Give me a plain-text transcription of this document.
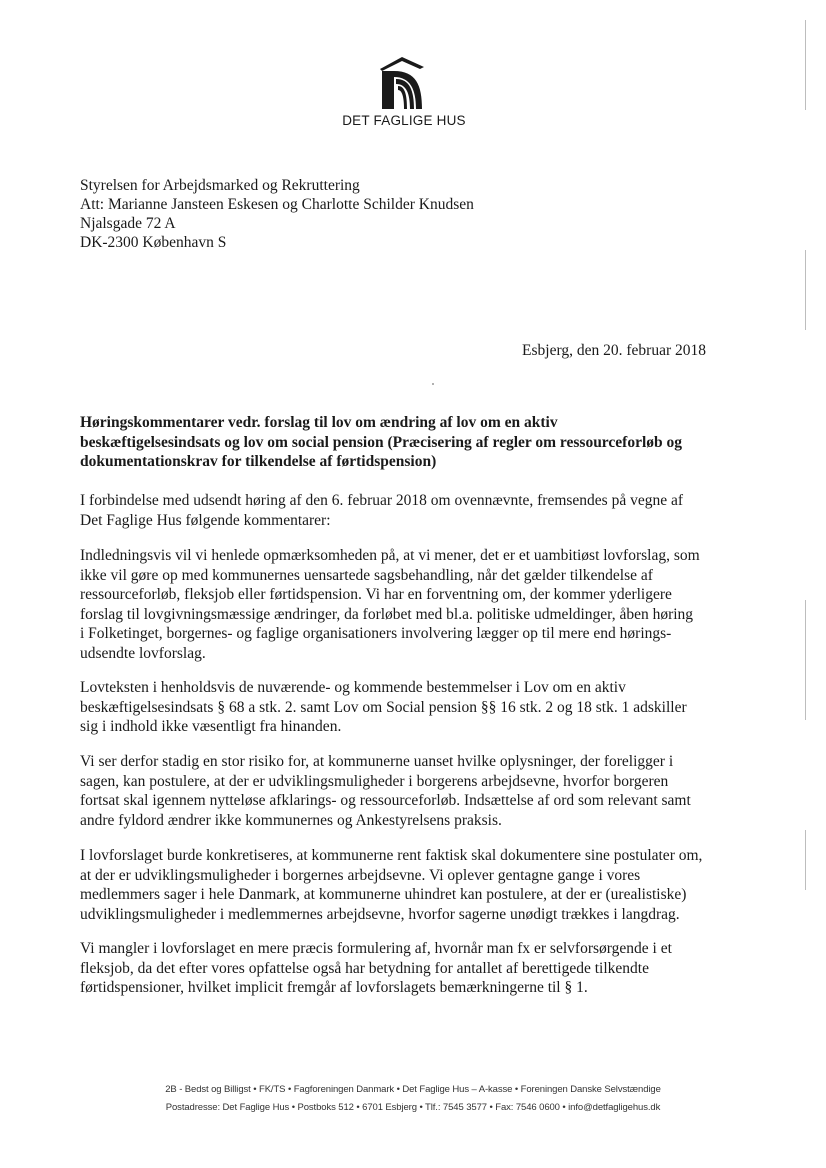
DET FAGLIGE HUS
Styrelsen for Arbejdsmarked og Rekruttering
Att: Marianne Jansteen Eskesen og Charlotte Schilder Knudsen
Njalsgade 72 A
DK-2300 København S
Esbjerg, den 20. februar 2018
Høringskommentarer vedr. forslag til lov om ændring af lov om en aktiv
beskæftigelsesindsats og lov om social pension (Præcisering af regler om ressourceforløb og
dokumentationskrav for tilkendelse af førtidspension)
I forbindelse med udsendt høring af den 6. februar 2018 om ovennævnte, fremsendes på vegne af
Det Faglige Hus følgende kommentarer:
Indledningsvis vil vi henlede opmærksomheden på, at vi mener, det er et uambitiøst lovforslag, som
ikke vil gøre op med kommunernes uensartede sagsbehandling, når det gælder tilkendelse af
ressourceforløb, fleksjob eller førtidspension. Vi har en forventning om, der kommer yderligere
forslag til lovgivningsmæssige ændringer, da forløbet med bl.a. politiske udmeldinger, åben høring
i Folketinget, borgernes- og faglige organisationers involvering lægger op til mere end hørings-
udsendte lovforslag.
Lovteksten i henholdsvis de nuværende- og kommende bestemmelser i Lov om en aktiv
beskæftigelsesindsats § 68 a stk. 2. samt Lov om Social pension §§ 16 stk. 2 og 18 stk. 1 adskiller
sig i indhold ikke væsentligt fra hinanden.
Vi ser derfor stadig en stor risiko for, at kommunerne uanset hvilke oplysninger, der foreligger i
sagen, kan postulere, at der er udviklingsmuligheder i borgerens arbejdsevne, hvorfor borgeren
fortsat skal igennem nytteløse afklarings- og ressourceforløb. Indsættelse af ord som relevant samt
andre fyldord ændrer ikke kommunernes og Ankestyrelsens praksis.
I lovforslaget burde konkretiseres, at kommunerne rent faktisk skal dokumentere sine postulater om,
at der er udviklingsmuligheder i borgernes arbejdsevne. Vi oplever gentagne gange i vores
medlemmers sager i hele Danmark, at kommunerne uhindret kan postulere, at der er (urealistiske)
udviklingsmuligheder i medlemmernes arbejdsevne, hvorfor sagerne unødigt trækkes i langdrag.
Vi mangler i lovforslaget en mere præcis formulering af, hvornår man fx er selvforsørgende i et
fleksjob, da det efter vores opfattelse også har betydning for antallet af berettigede tilkendte
førtidspensioner, hvilket implicit fremgår af lovforslagets bemærkningerne til § 1.
2B - Bedst og Billigst • FK/TS • Fagforeningen Danmark • Det Faglige Hus – A-kasse • Foreningen Danske Selvstændige
Postadresse: Det Faglige Hus • Postboks 512 • 6701 Esbjerg • Tlf.: 7545 3577 • Fax: 7546 0600 • info@detfagligehus.dk
